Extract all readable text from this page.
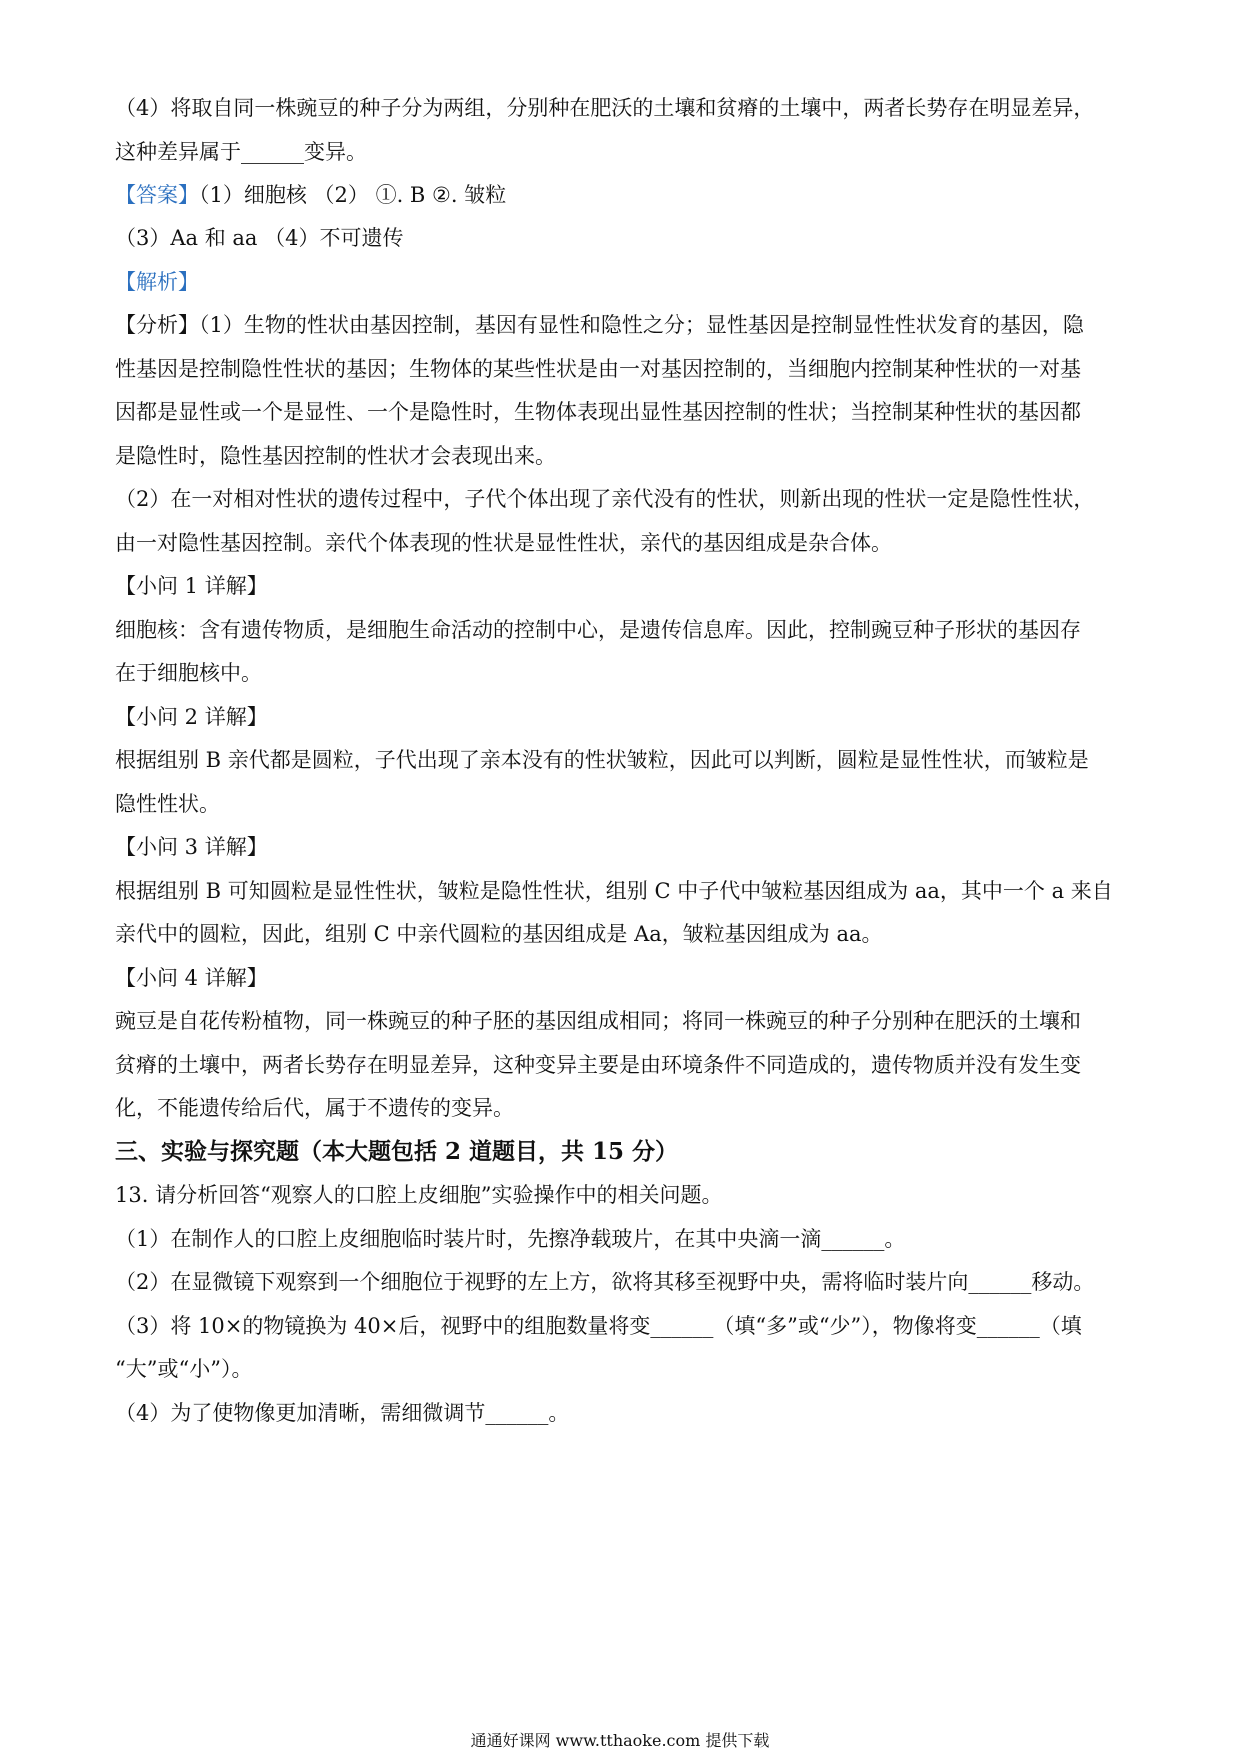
（4）将取自同一株豌豆的种子分为两组，分别种在肥沃的土壤和贫瘠的土壤中，两者长势存在明显差异，
这种差异属于______变异。
【答案】（1）细胞核 （2） ①. B ②. 皱粒
（3）Aa 和 aa （4）不可遗传
【解析】
【分析】（1）生物的性状由基因控制，基因有显性和隐性之分；显性基因是控制显性性状发育的基因，隐
性基因是控制隐性性状的基因；生物体的某些性状是由一对基因控制的，当细胞内控制某种性状的一对基
因都是显性或一个是显性、一个是隐性时，生物体表现出显性基因控制的性状；当控制某种性状的基因都
是隐性时，隐性基因控制的性状才会表现出来。
（2）在一对相对性状的遗传过程中，子代个体出现了亲代没有的性状，则新出现的性状一定是隐性性状，
由一对隐性基因控制。亲代个体表现的性状是显性性状，亲代的基因组成是杂合体。
【小问 1 详解】
细胞核：含有遗传物质，是细胞生命活动的控制中心，是遗传信息库。因此，控制豌豆种子形状的基因存
在于细胞核中。
【小问 2 详解】
根据组别 B 亲代都是圆粒，子代出现了亲本没有的性状皱粒，因此可以判断，圆粒是显性性状，而皱粒是
隐性性状。
【小问 3 详解】
根据组别 B 可知圆粒是显性性状，皱粒是隐性性状，组别 C 中子代中皱粒基因组成为 aa，其中一个 a 来自
亲代中的圆粒，因此，组别 C 中亲代圆粒的基因组成是 Aa，皱粒基因组成为 aa。
【小问 4 详解】
豌豆是自花传粉植物，同一株豌豆的种子胚的基因组成相同；将同一株豌豆的种子分别种在肥沃的土壤和
贫瘠的土壤中，两者长势存在明显差异，这种变异主要是由环境条件不同造成的，遗传物质并没有发生变
化，不能遗传给后代，属于不遗传的变异。
三、实验与探究题（本大题包括 2 道题目，共 15 分）
13. 请分析回答“观察人的口腔上皮细胞”实验操作中的相关问题。
（1）在制作人的口腔上皮细胞临时装片时，先擦净载玻片，在其中央滴一滴______。
（2）在显微镜下观察到一个细胞位于视野的左上方，欲将其移至视野中央，需将临时装片向______移动。
（3）将 10×的物镜换为 40×后，视野中的组胞数量将变______（填“多”或“少”），物像将变______（填
“大”或“小”）。
（4）为了使物像更加清晰，需细微调节______。
通通好课网 www.tthaoke.com 提供下载
